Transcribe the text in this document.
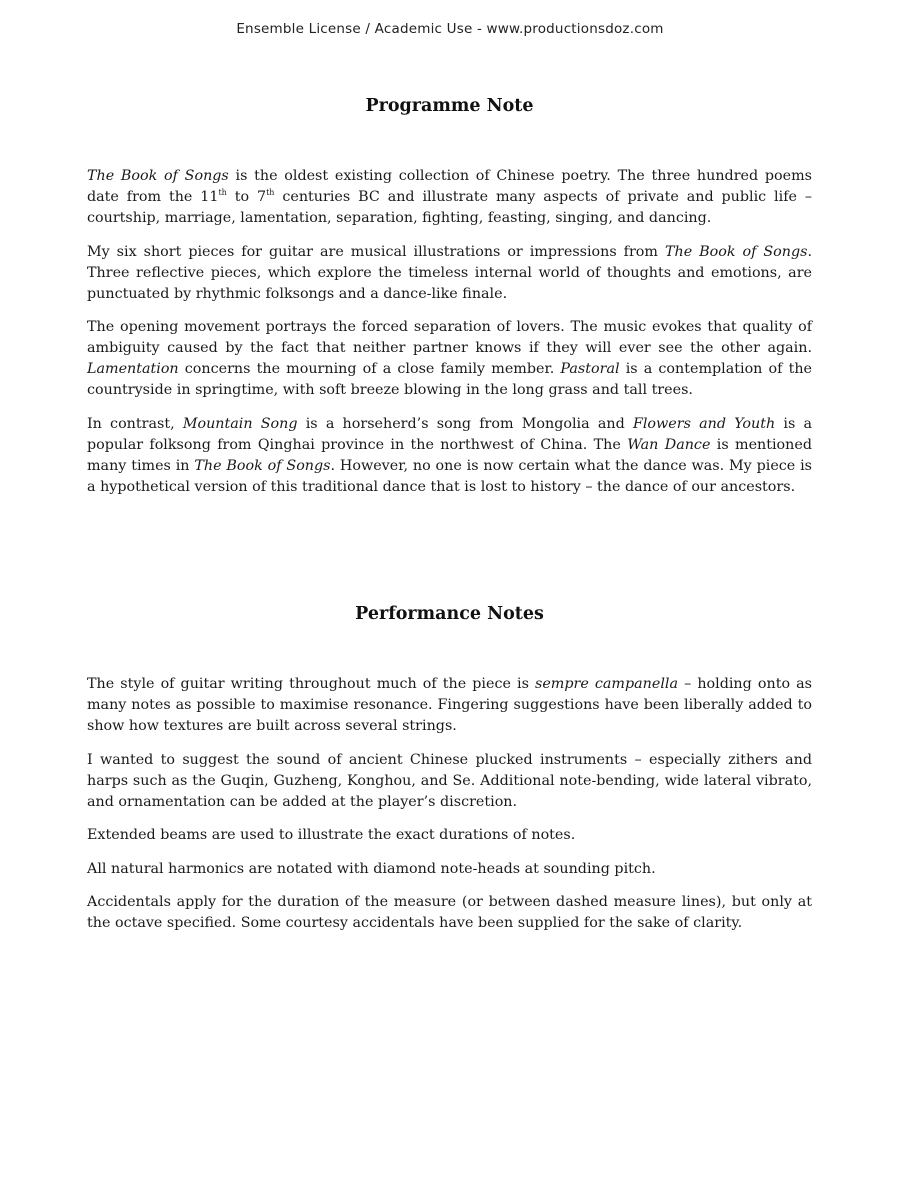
Ensemble License / Academic Use - www.productionsdoz.com
Programme Note

The Book of Songs is the oldest existing collection of Chinese poetry. The three hundred poems date from the 11th to 7th centuries BC and illustrate many aspects of private and public life – courtship, marriage, lamentation, separation, fighting, feasting, singing, and dancing.

My six short pieces for guitar are musical illustrations or impressions from The Book of Songs. Three reflective pieces, which explore the timeless internal world of thoughts and emotions, are punctuated by rhythmic folksongs and a dance-like finale.

The opening movement portrays the forced separation of lovers. The music evokes that quality of ambiguity caused by the fact that neither partner knows if they will ever see the other again. Lamentation concerns the mourning of a close family member. Pastoral is a contemplation of the countryside in springtime, with soft breeze blowing in the long grass and tall trees.

In contrast, Mountain Song is a horseherd’s song from Mongolia and Flowers and Youth is a popular folksong from Qinghai province in the northwest of China. The Wan Dance is mentioned many times in The Book of Songs. However, no one is now certain what the dance was. My piece is a hypothetical version of this traditional dance that is lost to history – the dance of our ancestors.

Performance Notes

The style of guitar writing throughout much of the piece is sempre campanella – holding onto as many notes as possible to maximise resonance. Fingering suggestions have been liberally added to show how textures are built across several strings.

I wanted to suggest the sound of ancient Chinese plucked instruments – especially zithers and harps such as the Guqin, Guzheng, Konghou, and Se. Additional note-bending, wide lateral vibrato, and ornamentation can be added at the player’s discretion.

Extended beams are used to illustrate the exact durations of notes.

All natural harmonics are notated with diamond note-heads at sounding pitch.

Accidentals apply for the duration of the measure (or between dashed measure lines), but only at the octave specified. Some courtesy accidentals have been supplied for the sake of clarity.
